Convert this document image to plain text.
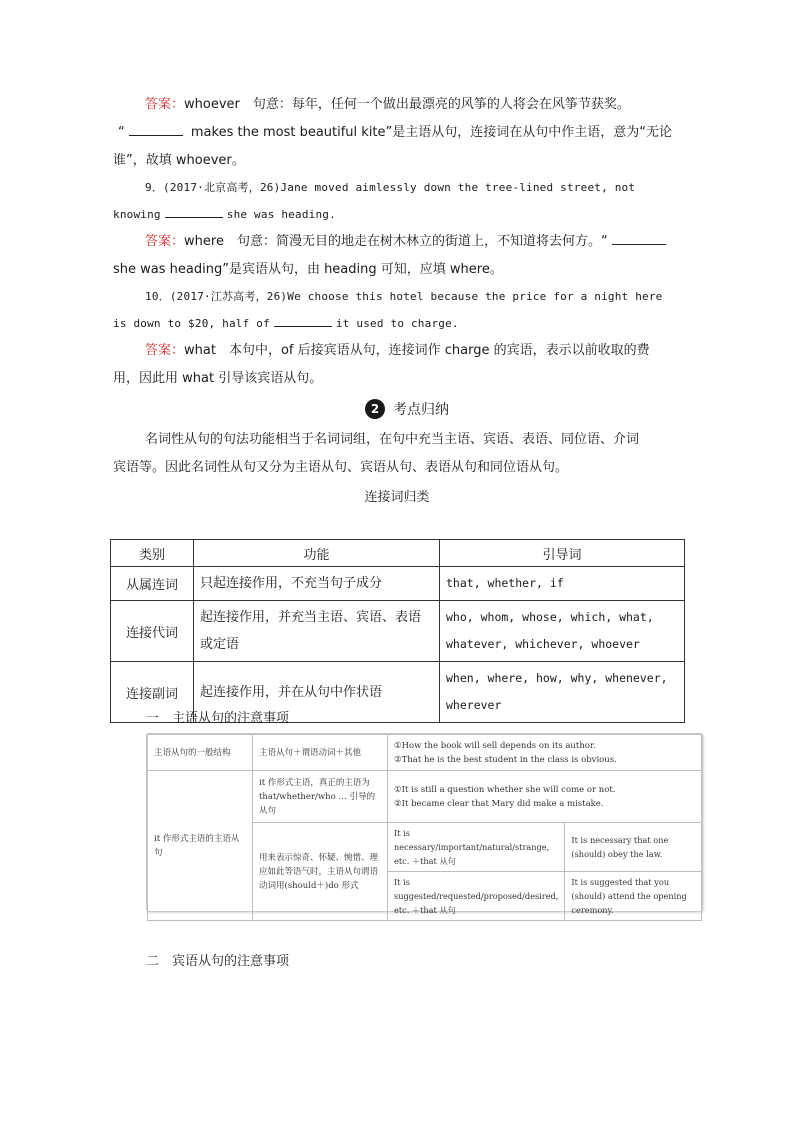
答案：whoever　句意：每年，任何一个做出最漂亮的风筝的人将会在风筝节获奖。
“	makes the most beautiful kite”是主语从句，连接词在从句中作主语，意为“无论
谁”，故填 whoever。
9．(2017·北京高考，26)Jane moved aimlessly down the tree-lined street, not
knowing	she was heading.
答案：where　句意：简漫无目的地走在树木林立的街道上，不知道将去何方。“
she was heading”是宾语从句，由 heading 可知，应填 where。
10．(2017·江苏高考，26)We choose this hotel because the price for a night here
is down to $20, half of	it used to charge.
答案：what　本句中，of 后接宾语从句，连接词作 charge 的宾语，表示以前收取的费
用，因此用 what 引导该宾语从句。
2 考点归纳
名词性从句的句法功能相当于名词词组，在句中充当主语、宾语、表语、同位语、介词
宾语等。因此名词性从句又分为主语从句、宾语从句、表语从句和同位语从句。
连接词归类
类别	功能	引导词
从属连词	只起连接作用，不充当句子成分	that, whether, if
连接代词	起连接作用，并充当主语、宾语、表语或定语	who, whom, whose, which, what, whatever, whichever, whoever
连接副词	起连接作用，并在从句中作状语	when, where, how, why, whenever, wherever
一　主语从句的注意事项
主语从句的一般结构	主语从句＋谓语动词＋其他	①How the book will sell depends on its author.
②That he is the best student in the class is obvious.	

it 作形式主语的主语从句	it 作形式主语，真正的主语为 that/whether/who … 引导的从句	①It is still a question whether she will come or not.
②It became clear that Mary did make a mistake.	

	用来表示惊奇、怀疑、惋惜、理应如此等语气时，主语从句谓语动词用(should＋)do 形式	It is necessary/important/natural/strange, etc. ＋that 从句	It is necessary that one (should) obey the law.
		It is suggested/requested/proposed/desired, etc. ＋that 从句	It is suggested that you (should) attend the opening ceremony.
二　宾语从句的注意事项
